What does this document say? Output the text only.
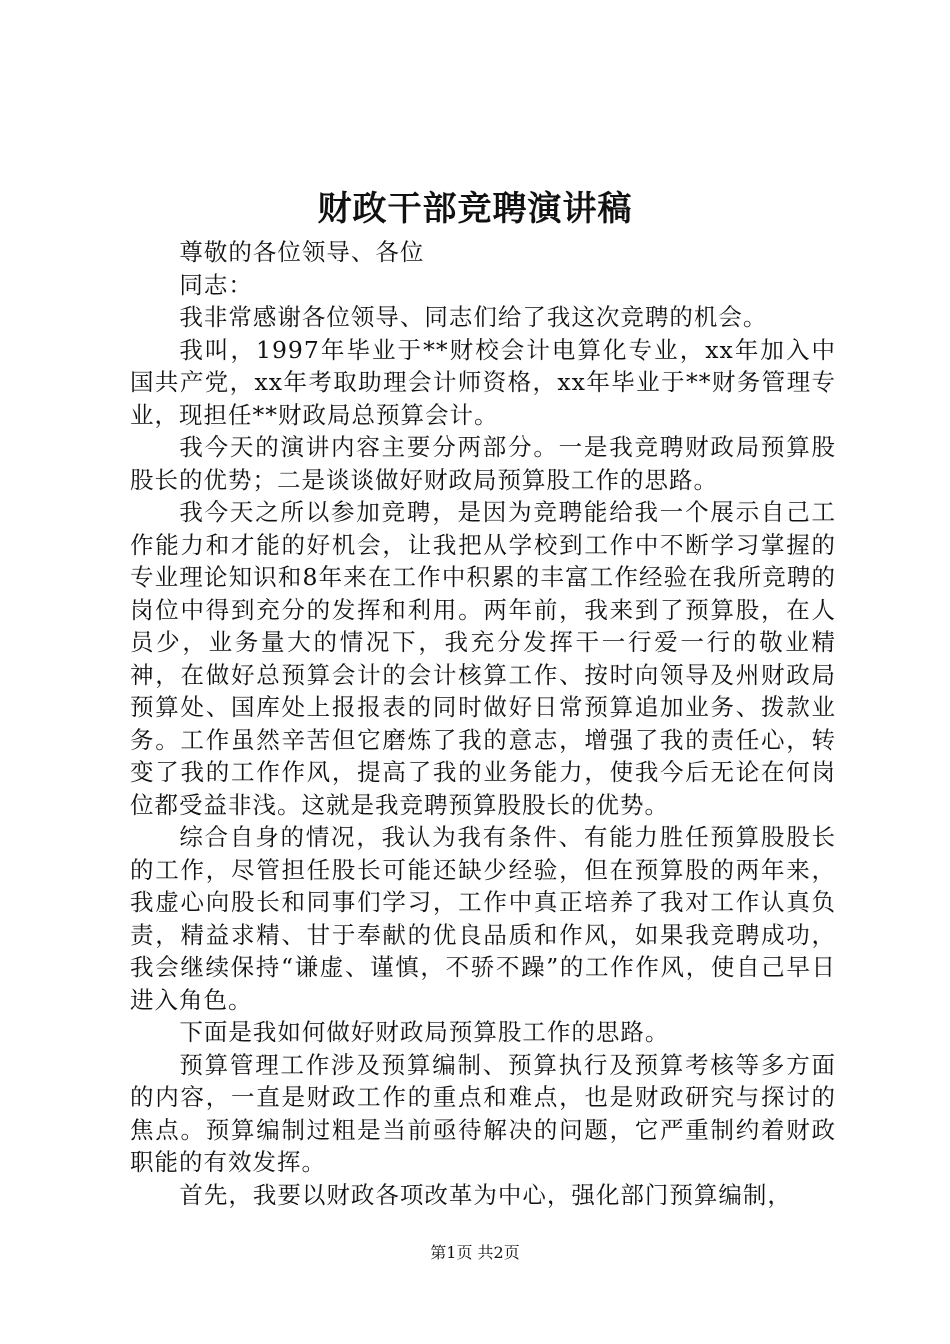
财政干部竞聘演讲稿

尊敬的各位领导、各位

同志：

我非常感谢各位领导、同志们给了我这次竞聘的机会。

我叫，1997年毕业于**财校会计电算化专业，xx年加入中国共产党，xx年考取助理会计师资格，xx年毕业于**财务管理专业，现担任**财政局总预算会计。

我今天的演讲内容主要分两部分。一是我竞聘财政局预算股股长的优势；二是谈谈做好财政局预算股工作的思路。

我今天之所以参加竞聘，是因为竞聘能给我一个展示自己工作能力和才能的好机会，让我把从学校到工作中不断学习掌握的专业理论知识和8年来在工作中积累的丰富工作经验在我所竞聘的岗位中得到充分的发挥和利用。两年前，我来到了预算股，在人员少，业务量大的情况下，我充分发挥干一行爱一行的敬业精神，在做好总预算会计的会计核算工作、按时向领导及州财政局预算处、国库处上报报表的同时做好日常预算追加业务、拨款业务。工作虽然辛苦但它磨炼了我的意志，增强了我的责任心，转变了我的工作作风，提高了我的业务能力，使我今后无论在何岗位都受益非浅。这就是我竞聘预算股股长的优势。

综合自身的情况，我认为我有条件、有能力胜任预算股股长的工作，尽管担任股长可能还缺少经验，但在预算股的两年来，我虚心向股长和同事们学习，工作中真正培养了我对工作认真负责，精益求精、甘于奉献的优良品质和作风，如果我竞聘成功，我会继续保持“谦虚、谨慎，不骄不躁”的工作作风，使自己早日进入角色。

下面是我如何做好财政局预算股工作的思路。

预算管理工作涉及预算编制、预算执行及预算考核等多方面的内容，一直是财政工作的重点和难点，也是财政研究与探讨的焦点。预算编制过粗是当前亟待解决的问题，它严重制约着财政职能的有效发挥。

首先，我要以财政各项改革为中心，强化部门预算编制，

第1页 共2页
